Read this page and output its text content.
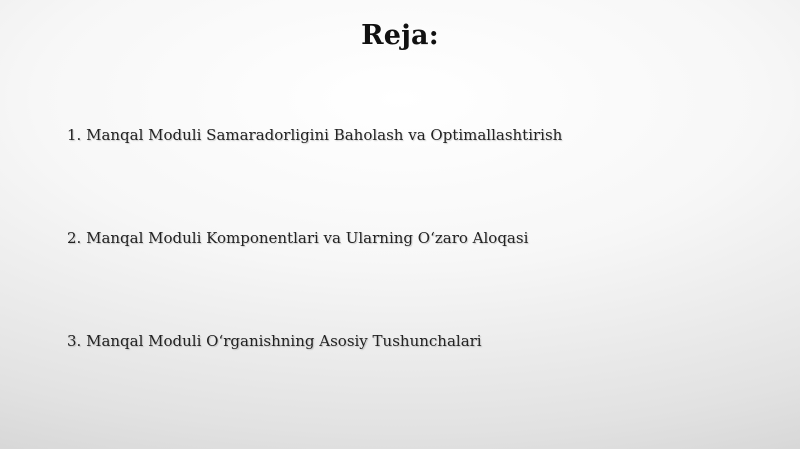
Reja:
1. Manqal Moduli Samaradorligini Baholash va Optimallashtirish
2. Manqal Moduli Komponentlari va Ularning O‘zaro Aloqasi
3. Manqal Moduli O‘rganishning Asosiy Tushunchalari
